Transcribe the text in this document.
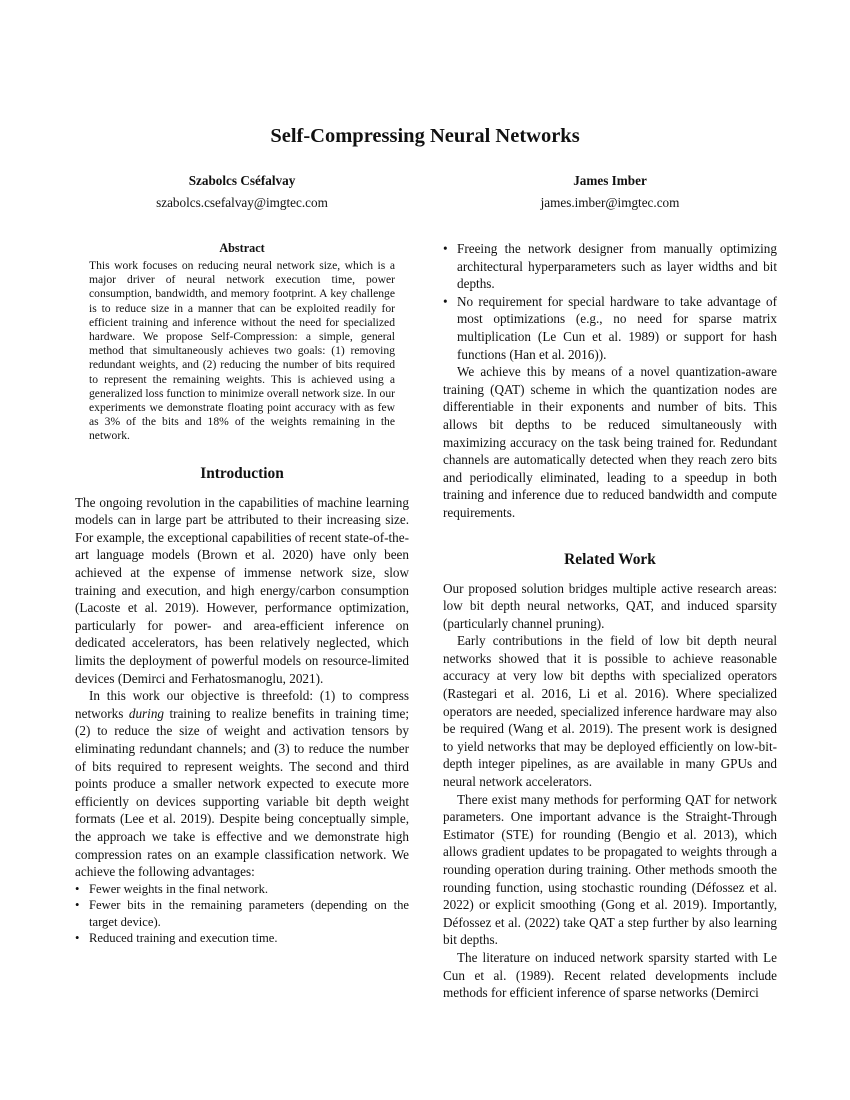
Self-Compressing Neural Networks
Szabolcs Cséfalvay
szabolcs.csefalvay@imgtec.com
James Imber
james.imber@imgtec.com
Abstract

This work focuses on reducing neural network size, which is a major driver of neural network execution time, power consumption, bandwidth, and memory footprint. A key challenge is to reduce size in a manner that can be exploited readily for efficient training and inference without the need for specialized hardware. We propose Self-Compression: a simple, general method that simultaneously achieves two goals: (1) removing redundant weights, and (2) reducing the number of bits required to represent the remaining weights. This is achieved using a generalized loss function to minimize overall network size. In our experiments we demonstrate floating point accuracy with as few as 3% of the bits and 18% of the weights remaining in the network.

Introduction

The ongoing revolution in the capabilities of machine learning models can in large part be attributed to their increasing size. For example, the exceptional capabilities of recent state-of-the-art language models (Brown et al. 2020) have only been achieved at the expense of immense network size, slow training and execution, and high energy/carbon consumption (Lacoste et al. 2019). However, performance optimization, particularly for power- and area-efficient inference on dedicated accelerators, has been relatively neglected, which limits the deployment of powerful models on resource-limited devices (Demirci and Ferhatosmanoglu, 2021).

In this work our objective is threefold: (1) to compress networks during training to realize benefits in training time; (2) to reduce the size of weight and activation tensors by eliminating redundant channels; and (3) to reduce the number of bits required to represent weights. The second and third points produce a smaller network expected to execute more efficiently on devices supporting variable bit depth weight formats (Lee et al. 2019). Despite being conceptually simple, the approach we take is effective and we demonstrate high compression rates on an example classification network. We achieve the following advantages:

• Fewer weights in the final network.
• Fewer bits in the remaining parameters (depending on the target device).
• Reduced training and execution time.
• Freeing the network designer from manually optimizing architectural hyperparameters such as layer widths and bit depths.
• No requirement for special hardware to take advantage of most optimizations (e.g., no need for sparse matrix multiplication (Le Cun et al. 1989) or support for hash functions (Han et al. 2016)).

We achieve this by means of a novel quantization-aware training (QAT) scheme in which the quantization nodes are differentiable in their exponents and number of bits. This allows bit depths to be reduced simultaneously with maximizing accuracy on the task being trained for. Redundant channels are automatically detected when they reach zero bits and periodically eliminated, leading to a speedup in both training and inference due to reduced bandwidth and compute requirements.

Related Work

Our proposed solution bridges multiple active research areas: low bit depth neural networks, QAT, and induced sparsity (particularly channel pruning).

Early contributions in the field of low bit depth neural networks showed that it is possible to achieve reasonable accuracy at very low bit depths with specialized operators (Rastegari et al. 2016, Li et al. 2016). Where specialized operators are needed, specialized inference hardware may also be required (Wang et al. 2019). The present work is designed to yield networks that may be deployed efficiently on low-bit-depth integer pipelines, as are available in many GPUs and neural network accelerators.

There exist many methods for performing QAT for network parameters. One important advance is the Straight-Through Estimator (STE) for rounding (Bengio et al. 2013), which allows gradient updates to be propagated to weights through a rounding operation during training. Other methods smooth the rounding function, using stochastic rounding (Défossez et al. 2022) or explicit smoothing (Gong et al. 2019). Importantly, Défossez et al. (2022) take QAT a step further by also learning bit depths.

The literature on induced network sparsity started with Le Cun et al. (1989). Recent related developments include methods for efficient inference of sparse networks (Demirci
